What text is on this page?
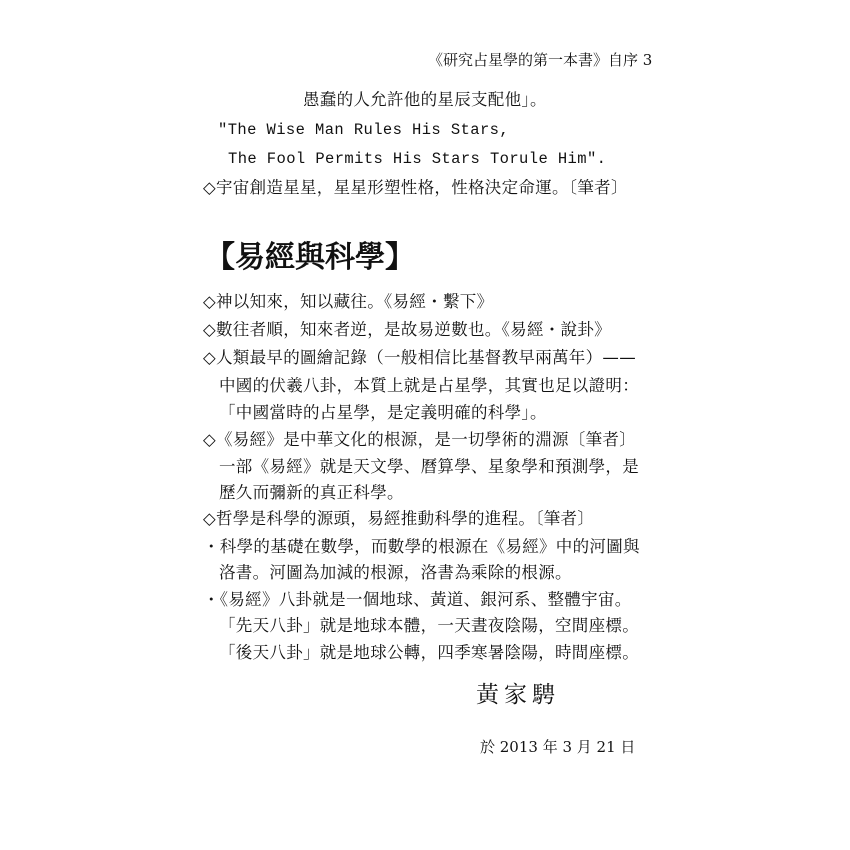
《研究占星學的第一本書》自序 3
愚蠢的人允許他的星辰支配他」。
"The Wise Man Rules His Stars,
The Fool Permits His Stars Torule Him".
◇宇宙創造星星，星星形塑性格，性格決定命運。〔筆者〕
【易經與科學】
◇神以知來，知以藏往。《易經・繫下》
◇數往者順，知來者逆，是故易逆數也。《易經・說卦》
◇人類最早的圖繪記錄（一般相信比基督教早兩萬年）——
中國的伏羲八卦，本質上就是占星學，其實也足以證明：
「中國當時的占星學，是定義明確的科學」。
◇《易經》是中華文化的根源，是一切學術的淵源〔筆者〕
一部《易經》就是天文學、曆算學、星象學和預測學，是
歷久而彌新的真正科學。
◇哲學是科學的源頭，易經推動科學的進程。〔筆者〕
・科學的基礎在數學，而數學的根源在《易經》中的河圖與
洛書。河圖為加減的根源，洛書為乘除的根源。
・《易經》八卦就是一個地球、黃道、銀河系、整體宇宙。
「先天八卦」就是地球本體，一天晝夜陰陽，空間座標。
「後天八卦」就是地球公轉，四季寒暑陰陽，時間座標。
黃家騁
於 2013 年 3 月 21 日
